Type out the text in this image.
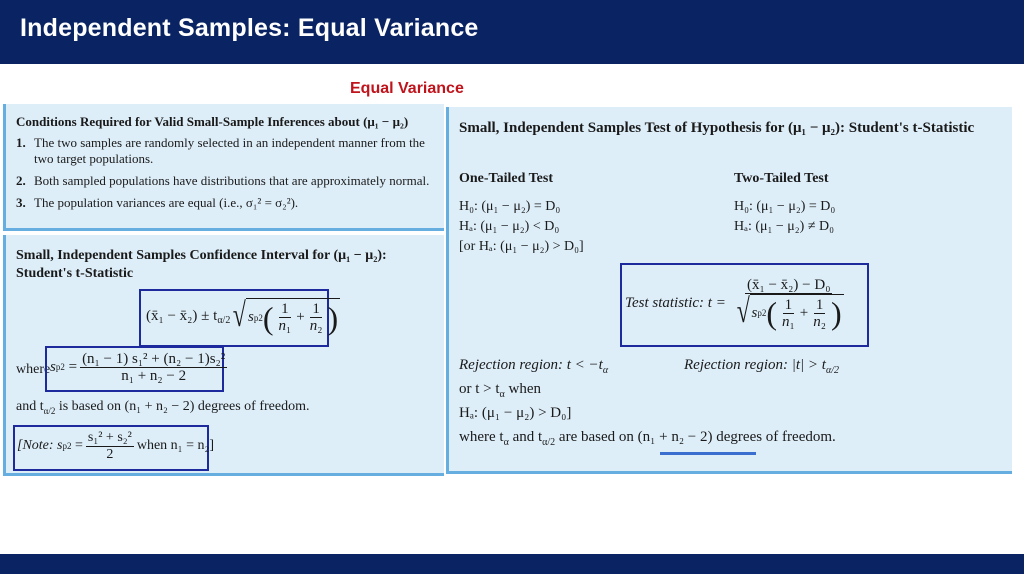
Independent Samples: Equal Variance
Equal Variance
Conditions Required for Valid Small-Sample Inferences about (μ₁ − μ₂)
1. The two samples are randomly selected in an independent manner from the two target populations.
2. Both sampled populations have distributions that are approximately normal.
3. The population variances are equal (i.e., σ₁² = σ₂²).
Small, Independent Samples Confidence Interval for (μ₁ − μ₂): Student's t-Statistic
(x̄₁ − x̄₂) ± $t_{\alpha/2}$ √ s p 2 ( $\frac{1}{\text{n₁}} + \frac{1}{\text{n₂}}$ )
where s p $2 = \frac{\text{(n₁ − 1) s₁² + (n₂ − 1)s₂²}}{\text{n₁ + n₂ − 2}}$
and $t_{\alpha/2}$ is based on (n₁ + n₂ − 2) degrees of freedom.
[Note: s p $2 = \frac{\text{s₁² + s₂²}}{2}$ when n₁ = n₂]
Small, Independent Samples Test of Hypothesis for (μ₁ − μ₂): Student's t-Statistic
One-Tailed Test	Two-Tailed Test
H₀: (μ₁ − μ₂) = D₀
Hₐ: (μ₁ − μ₂) < D₀
[or Hₐ: (μ₁ − μ₂) > D₀]
H₀: (μ₁ − μ₂) = D₀
Hₐ: (μ₁ − μ₂) ≠ D₀
Test statistic: t =
(x̄₁ − x̄₂) − D₀
√ s p 2 ( $\frac{1}{\text{n₁}} + \frac{1}{\text{n₂}}$ )
Rejection region: $t < -t_\alpha$	Rejection region: $|t| > t_{\alpha/2}$
or $t > t_\alpha$ when
Hₐ: (μ₁ − μ₂) > D₀]
where $t_\alpha$ and $t_{\alpha/2}$ are based on (n₁ + n₂ − 2) degrees of freedom.
